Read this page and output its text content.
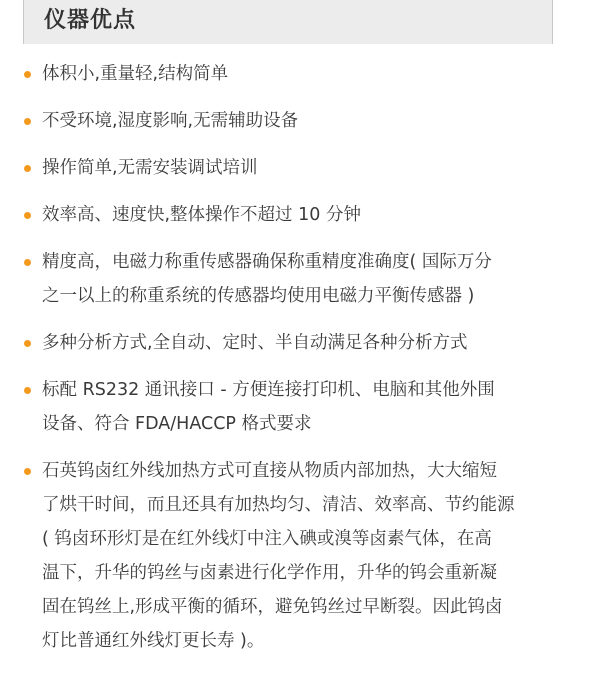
仪器优点
体积小,重量轻,结构简单
不受环境,湿度影响,无需辅助设备
操作简单,无需安装调试培训
效率高、速度快,整体操作不超过 10 分钟
精度高，电磁力称重传感器确保称重精度准确度( 国际万分
之一以上的称重系统的传感器均使用电磁力平衡传感器 )
多种分析方式,全自动、定时、半自动满足各种分析方式
标配 RS232 通讯接口 - 方便连接打印机、电脑和其他外围
设备、符合 FDA/HACCP 格式要求
石英钨卤红外线加热方式可直接从物质内部加热，大大缩短
了烘干时间，而且还具有加热均匀、清洁、效率高、节约能源
( 钨卤环形灯是在红外线灯中注入碘或溴等卤素气体，在高
温下，升华的钨丝与卤素进行化学作用，升华的钨会重新凝
固在钨丝上,形成平衡的循环，避免钨丝过早断裂。因此钨卤
灯比普通红外线灯更长寿 )。
